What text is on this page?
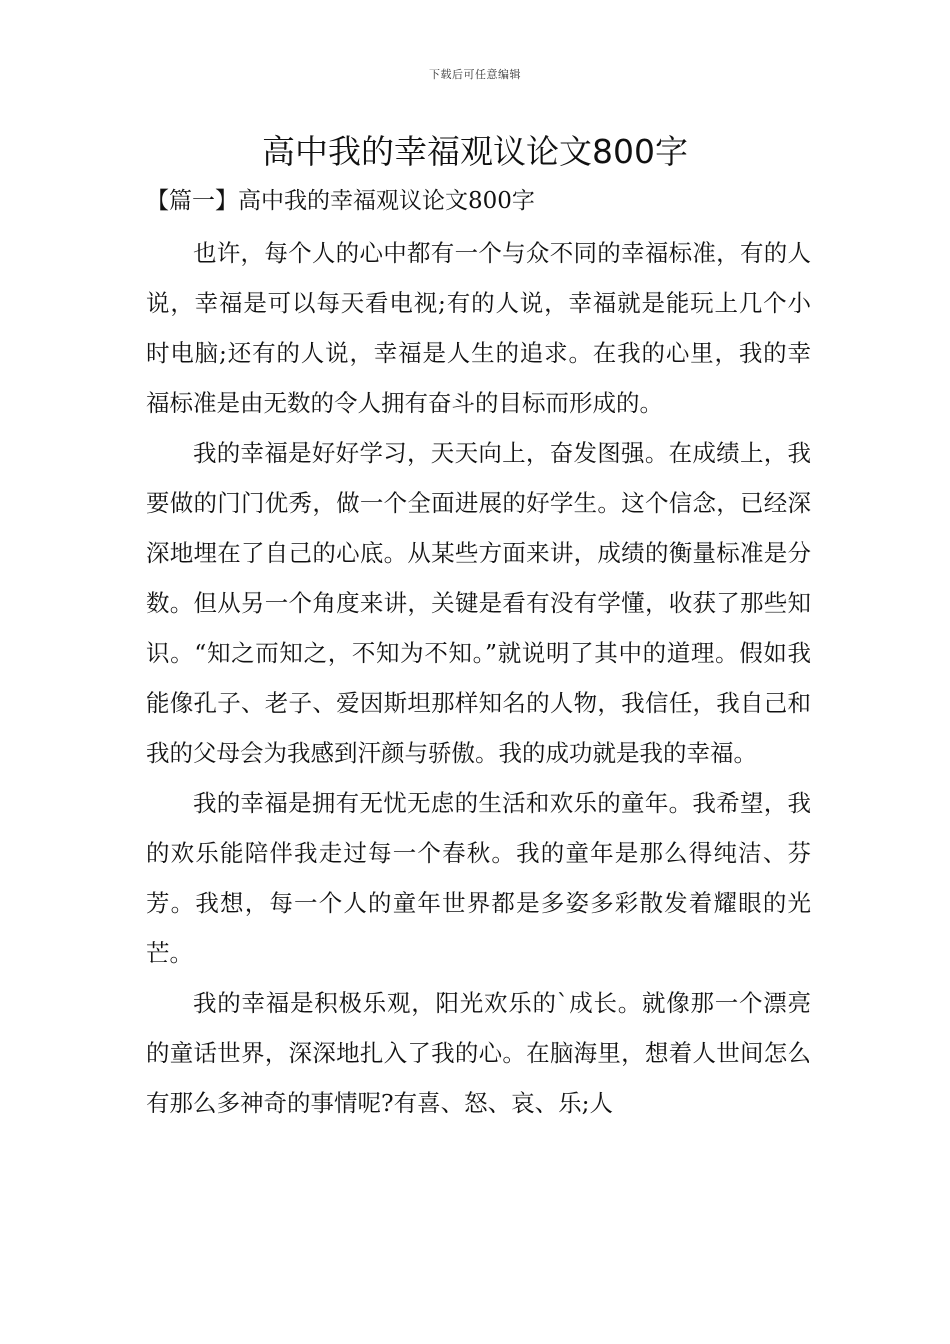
下载后可任意编辑
高中我的幸福观议论文800字
【篇一】高中我的幸福观议论文800字

也许，每个人的心中都有一个与众不同的幸福标准，有的人说，幸福是可以每天看电视;有的人说，幸福就是能玩上几个小时电脑;还有的人说，幸福是人生的追求。在我的心里，我的幸福标准是由无数的令人拥有奋斗的目标而形成的。

我的幸福是好好学习，天天向上，奋发图强。在成绩上，我要做的门门优秀，做一个全面进展的好学生。这个信念，已经深深地埋在了自己的心底。从某些方面来讲，成绩的衡量标准是分数。但从另一个角度来讲，关键是看有没有学懂，收获了那些知识。“知之而知之，不知为不知。”就说明了其中的道理。假如我能像孔子、老子、爱因斯坦那样知名的人物，我信任，我自己和我的父母会为我感到汗颜与骄傲。我的成功就是我的幸福。

我的幸福是拥有无忧无虑的生活和欢乐的童年。我希望，我的欢乐能陪伴我走过每一个春秋。我的童年是那么得纯洁、芬芳。我想，每一个人的童年世界都是多姿多彩散发着耀眼的光芒。

我的幸福是积极乐观，阳光欢乐的`成长。就像那一个漂亮的童话世界，深深地扎入了我的心。在脑海里，想着人世间怎么有那么多神奇的事情呢?有喜、怒、哀、乐;人
